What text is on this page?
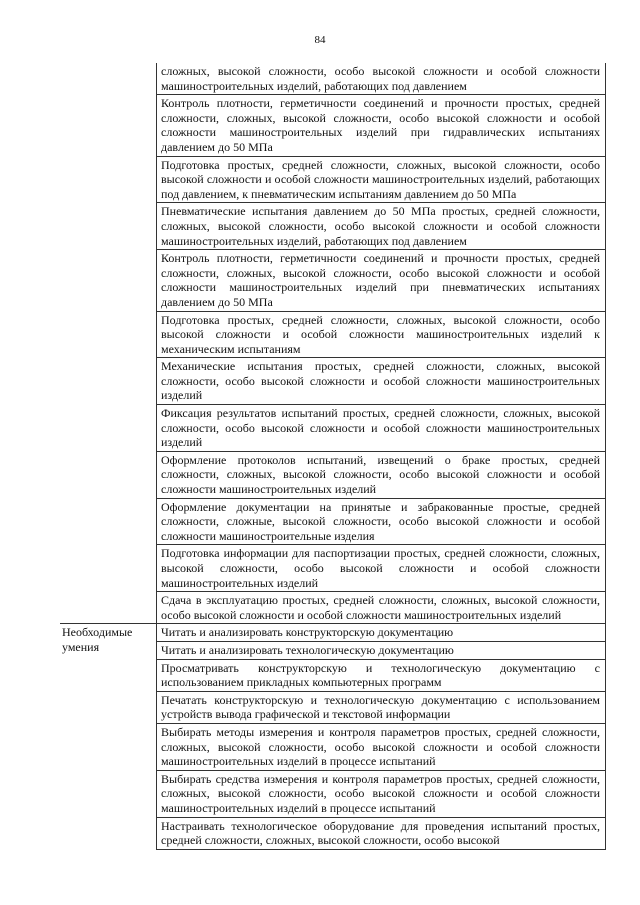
84
	сложных, высокой сложности, особо высокой сложности и особой сложности машиностроительных изделий, работающих под давлением
	Контроль плотности, герметичности соединений и прочности простых, средней сложности, сложных, высокой сложности, особо высокой сложности и особой сложности машиностроительных изделий при гидравлических испытаниях давлением до 50 МПа
	Подготовка простых, средней сложности, сложных, высокой сложности, особо высокой сложности и особой сложности машиностроительных изделий, работающих под давлением, к пневматическим испытаниям давлением до 50 МПа
	Пневматические испытания давлением до 50 МПа простых, средней сложности, сложных, высокой сложности, особо высокой сложности и особой сложности машиностроительных изделий, работающих под давлением
	Контроль плотности, герметичности соединений и прочности простых, средней сложности, сложных, высокой сложности, особо высокой сложности и особой сложности машиностроительных изделий при пневматических испытаниях давлением до 50 МПа
	Подготовка простых, средней сложности, сложных, высокой сложности, особо высокой сложности и особой сложности машиностроительных изделий к механическим испытаниям
	Механические испытания простых, средней сложности, сложных, высокой сложности, особо высокой сложности и особой сложности машиностроительных изделий
	Фиксация результатов испытаний простых, средней сложности, сложных, высокой сложности, особо высокой сложности и особой сложности машиностроительных изделий
	Оформление протоколов испытаний, извещений о браке простых, средней сложности, сложных, высокой сложности, особо высокой сложности и особой сложности машиностроительных изделий
	Оформление документации на принятые и забракованные простые, средней сложности, сложные, высокой сложности, особо высокой сложности и особой сложности машиностроительные изделия
	Подготовка информации для паспортизации простых, средней сложности, сложных, высокой сложности, особо высокой сложности и особой сложности машиностроительных изделий
	Сдача в эксплуатацию простых, средней сложности, сложных, высокой сложности, особо высокой сложности и особой сложности машиностроительных изделий
Необходимые умения	Читать и анализировать конструкторскую документацию
	Читать и анализировать технологическую документацию
	Просматривать конструкторскую и технологическую документацию с использованием прикладных компьютерных программ
	Печатать конструкторскую и технологическую документацию с использованием устройств вывода графической и текстовой информации
	Выбирать методы измерения и контроля параметров простых, средней сложности, сложных, высокой сложности, особо высокой сложности и особой сложности машиностроительных изделий в процессе испытаний
	Выбирать средства измерения и контроля параметров простых, средней сложности, сложных, высокой сложности, особо высокой сложности и особой сложности машиностроительных изделий в процессе испытаний
	Настраивать технологическое оборудование для проведения испытаний простых, средней сложности, сложных, высокой сложности, особо высокой
